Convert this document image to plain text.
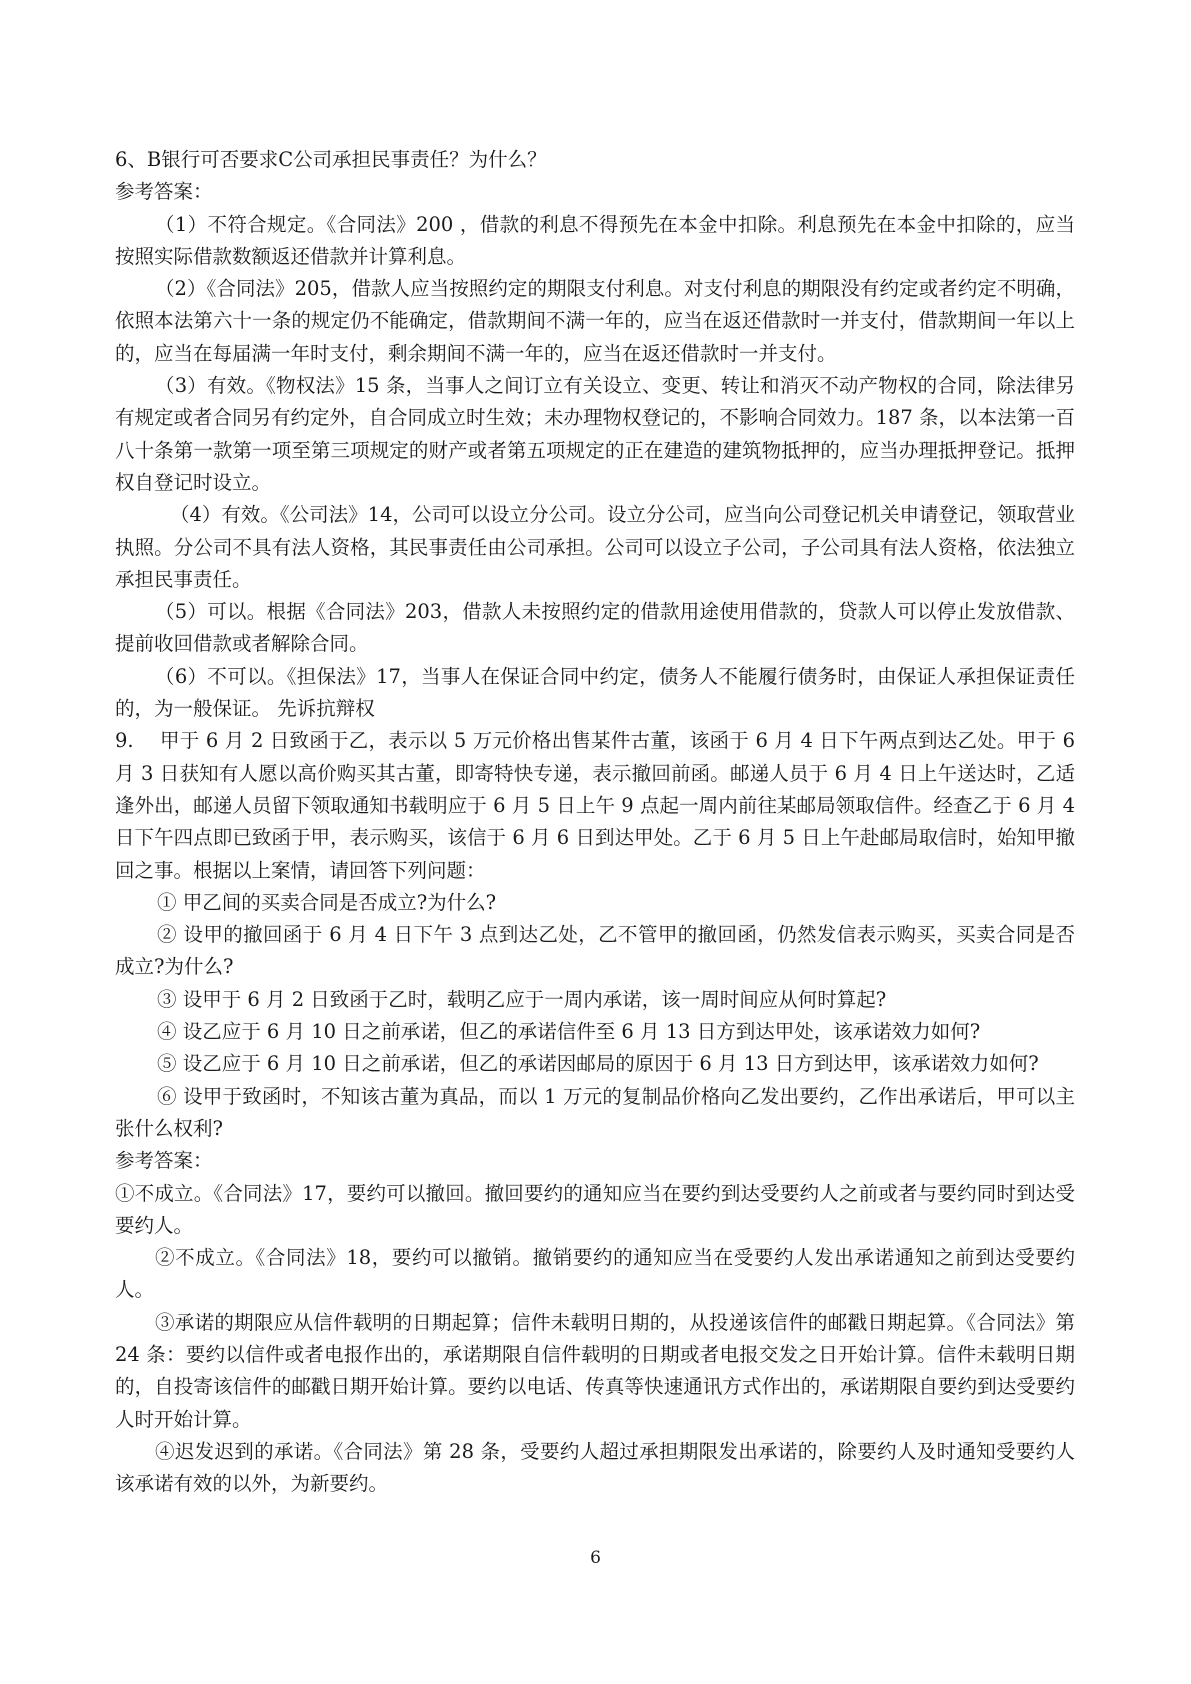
6、B银行可否要求C公司承担民事责任？为什么？

参考答案：

（1）不符合规定。《合同法》200 ，借款的利息不得预先在本金中扣除。利息预先在本金中扣除的，应当按照实际借款数额返还借款并计算利息。

（2）《合同法》205，借款人应当按照约定的期限支付利息。对支付利息的期限没有约定或者约定不明确，依照本法第六十一条的规定仍不能确定，借款期间不满一年的，应当在返还借款时一并支付，借款期间一年以上的，应当在每届满一年时支付，剩余期间不满一年的，应当在返还借款时一并支付。

（3）有效。《物权法》15 条，当事人之间订立有关设立、变更、转让和消灭不动产物权的合同，除法律另有规定或者合同另有约定外，自合同成立时生效；未办理物权登记的，不影响合同效力。187 条，以本法第一百八十条第一款第一项至第三项规定的财产或者第五项规定的正在建造的建筑物抵押的，应当办理抵押登记。抵押权自登记时设立。

（4）有效。《公司法》14，公司可以设立分公司。设立分公司，应当向公司登记机关申请登记，领取营业执照。分公司不具有法人资格，其民事责任由公司承担。公司可以设立子公司，子公司具有法人资格，依法独立承担民事责任。

（5）可以。根据《合同法》203，借款人未按照约定的借款用途使用借款的，贷款人可以停止发放借款、提前收回借款或者解除合同。

（6）不可以。《担保法》17，当事人在保证合同中约定，债务人不能履行债务时，由保证人承担保证责任的，为一般保证。 先诉抗辩权

9.　 甲于 6 月 2 日致函于乙，表示以 5 万元价格出售某件古董，该函于 6 月 4 日下午两点到达乙处。甲于 6 月 3 日获知有人愿以高价购买其古董，即寄特快专递，表示撤回前函。邮递人员于 6 月 4 日上午送达时，乙适逢外出，邮递人员留下领取通知书载明应于 6 月 5 日上午 9 点起一周内前往某邮局领取信件。经查乙于 6 月 4 日下午四点即已致函于甲，表示购买，该信于 6 月 6 日到达甲处。乙于 6 月 5 日上午赴邮局取信时，始知甲撤回之事。根据以上案情，请回答下列问题：

① 甲乙间的买卖合同是否成立?为什么?

② 设甲的撤回函于 6 月 4 日下午 3 点到达乙处，乙不管甲的撤回函，仍然发信表示购买，买卖合同是否成立?为什么?

③ 设甲于 6 月 2 日致函于乙时，载明乙应于一周内承诺，该一周时间应从何时算起?

④ 设乙应于 6 月 10 日之前承诺，但乙的承诺信件至 6 月 13 日方到达甲处，该承诺效力如何?

⑤ 设乙应于 6 月 10 日之前承诺，但乙的承诺因邮局的原因于 6 月 13 日方到达甲，该承诺效力如何?

⑥ 设甲于致函时，不知该古董为真品，而以 1 万元的复制品价格向乙发出要约，乙作出承诺后，甲可以主张什么权利?

参考答案：

①不成立。《合同法》17，要约可以撤回。撤回要约的通知应当在要约到达受要约人之前或者与要约同时到达受要约人。

②不成立。《合同法》18，要约可以撤销。撤销要约的通知应当在受要约人发出承诺通知之前到达受要约人。

③承诺的期限应从信件载明的日期起算；信件未载明日期的，从投递该信件的邮戳日期起算。《合同法》第 24 条：要约以信件或者电报作出的，承诺期限自信件载明的日期或者电报交发之日开始计算。信件未载明日期的，自投寄该信件的邮戳日期开始计算。要约以电话、传真等快速通讯方式作出的，承诺期限自要约到达受要约人时开始计算。

④迟发迟到的承诺。《合同法》第 28 条，受要约人超过承担期限发出承诺的，除要约人及时通知受要约人该承诺有效的以外，为新要约。

6
